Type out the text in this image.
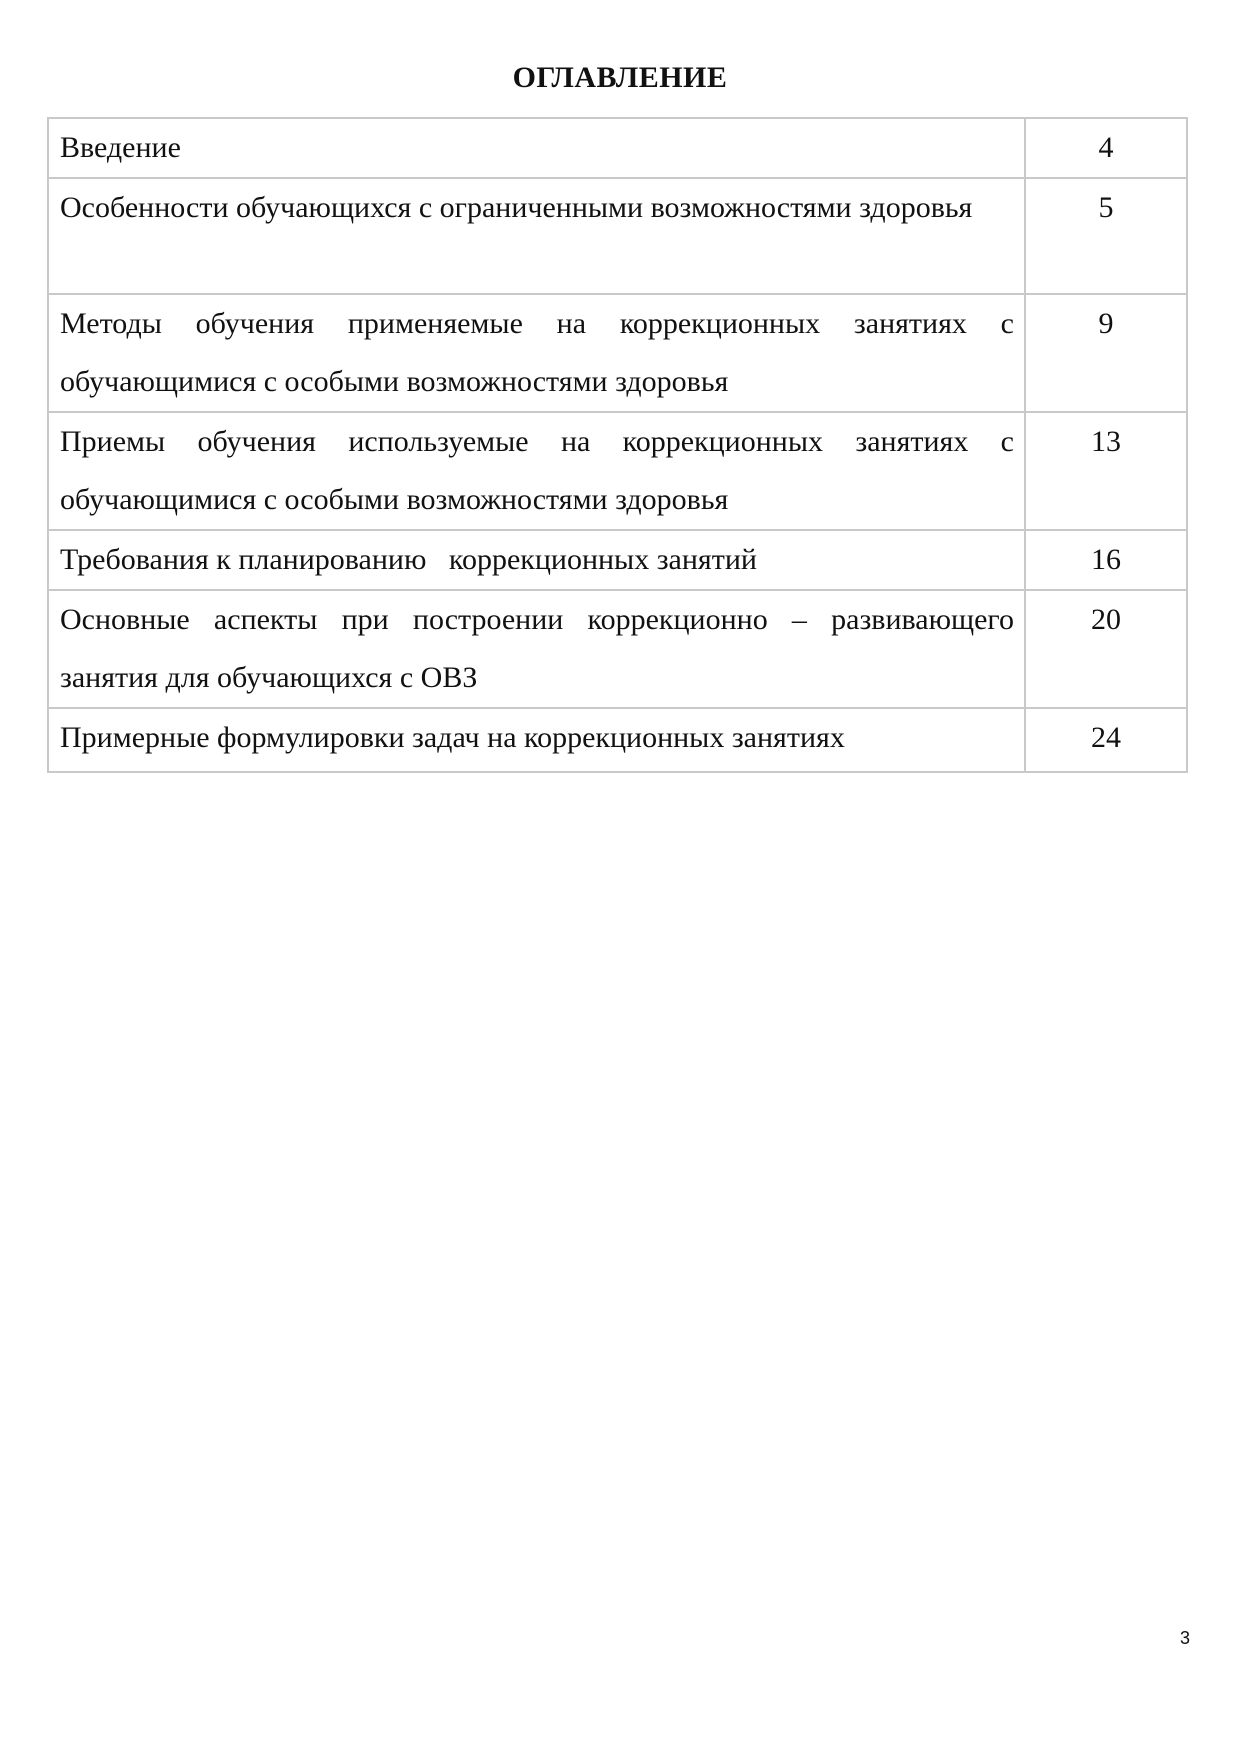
ОГЛАВЛЕНИЕ
Введение	4
Особенности обучающихся с ограниченными возможностями здоровья	5
Методы обучения применяемые на коррекционных занятиях с обучающимися с особыми возможностями здоровья	9
Приемы обучения используемые на коррекционных занятиях с обучающимися с особыми возможностями здоровья	13
Требования к планированию   коррекционных занятий	16
Основные аспекты при построении коррекционно – развивающего занятия для обучающихся с ОВЗ	20
Примерные формулировки задач на коррекционных занятиях	24
3
